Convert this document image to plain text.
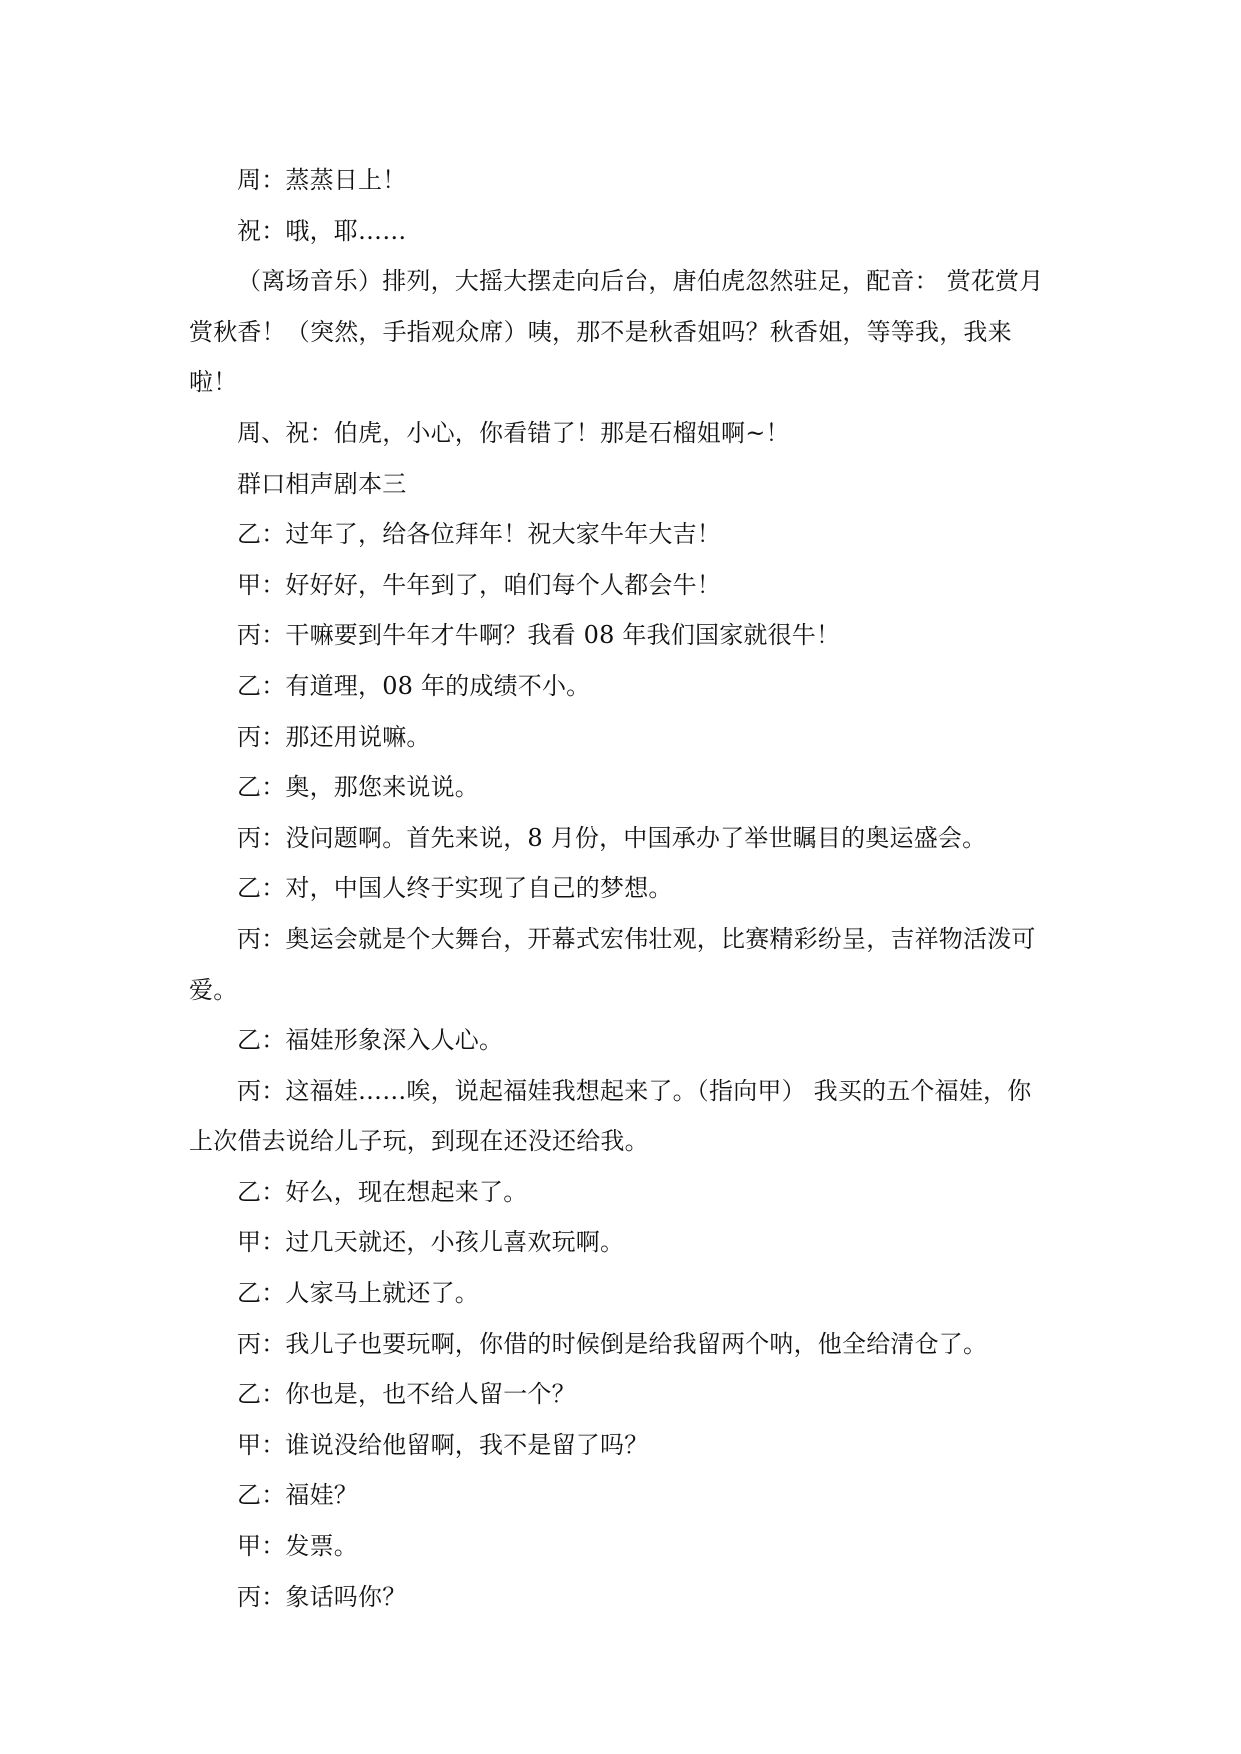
周：蒸蒸日上！

祝：哦，耶……

（离场音乐）排列，大摇大摆走向后台，唐伯虎忽然驻足，配音： 赏花赏月赏秋香！（突然，手指观众席）咦，那不是秋香姐吗？秋香姐，等等我，我来啦！

周、祝：伯虎，小心，你看错了！那是石榴姐啊~！

群口相声剧本三

乙：过年了，给各位拜年！祝大家牛年大吉！

甲：好好好，牛年到了，咱们每个人都会牛！

丙：干嘛要到牛年才牛啊？我看 08 年我们国家就很牛！

乙：有道理，08 年的成绩不小。

丙：那还用说嘛。

乙：奥，那您来说说。

丙：没问题啊。首先来说，8 月份，中国承办了举世瞩目的奥运盛会。

乙：对，中国人终于实现了自己的梦想。

丙：奥运会就是个大舞台，开幕式宏伟壮观，比赛精彩纷呈，吉祥物活泼可爱。

乙：福娃形象深入人心。

丙：这福娃……唉，说起福娃我想起来了。（指向甲） 我买的五个福娃，你上次借去说给儿子玩，到现在还没还给我。

乙：好么，现在想起来了。

甲：过几天就还，小孩儿喜欢玩啊。

乙：人家马上就还了。

丙：我儿子也要玩啊，你借的时候倒是给我留两个呐，他全给清仓了。

乙：你也是，也不给人留一个？

甲：谁说没给他留啊，我不是留了吗？

乙：福娃？

甲：发票。

丙：象话吗你？
